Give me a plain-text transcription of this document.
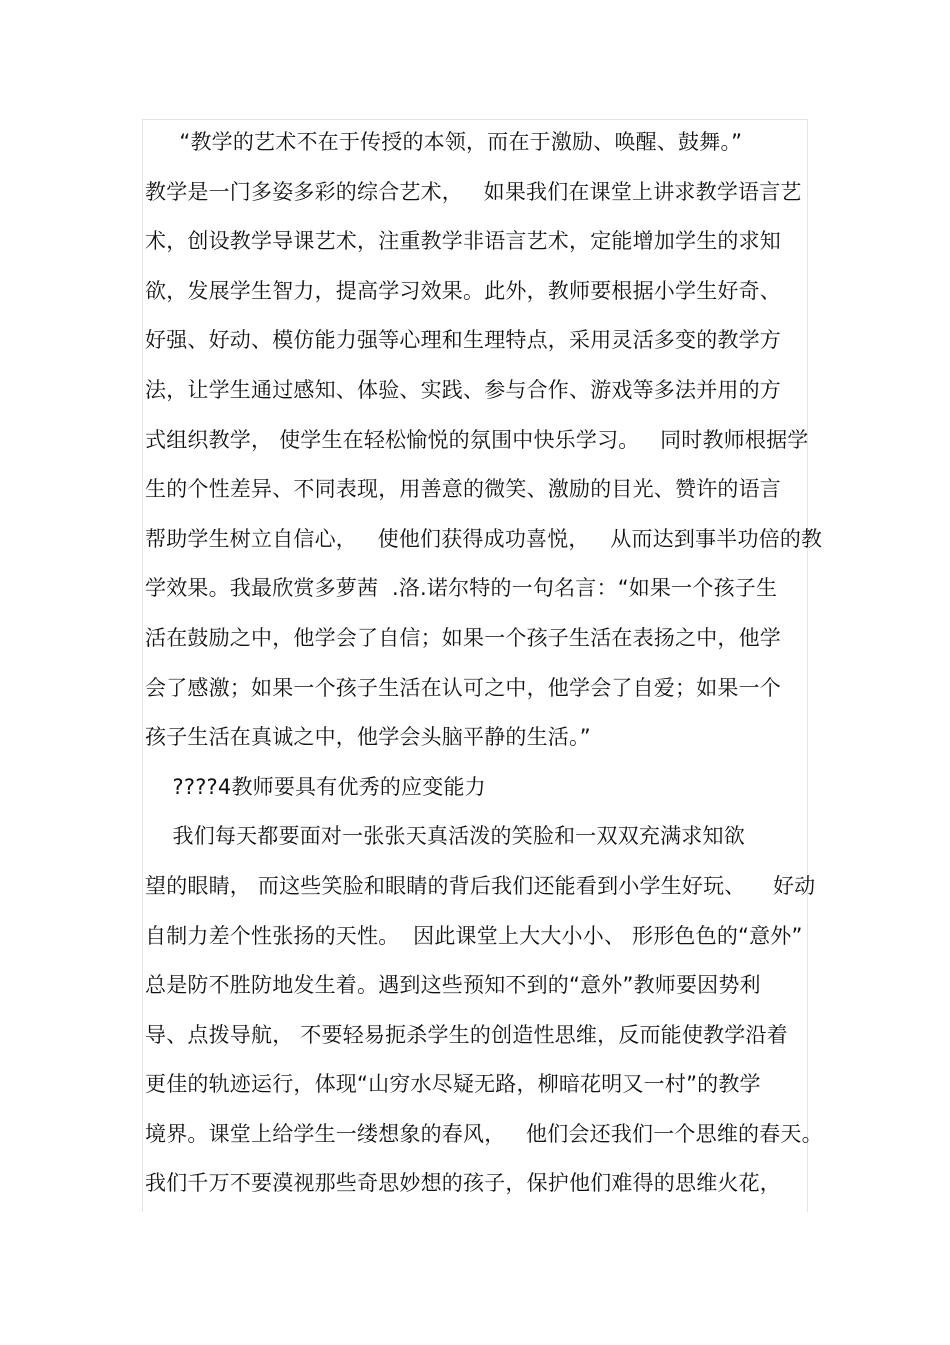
“教学的艺术不在于传授的本领，而在于激励、唤醒、鼓舞。”
教学是一门多姿多彩的综合艺术，   如果我们在课堂上讲求教学语言艺
术，创设教学导课艺术，注重教学非语言艺术，定能增加学生的求知
欲，发展学生智力，提高学习效果。此外，教师要根据小学生好奇、
好强、好动、模仿能力强等心理和生理特点，采用灵活多变的教学方
法，让学生通过感知、体验、实践、参与合作、游戏等多法并用的方
式组织教学， 使学生在轻松愉悦的氛围中快乐学习。   同时教师根据学
生的个性差异、不同表现，用善意的微笑、激励的目光、赞许的语言
帮助学生树立自信心，   使他们获得成功喜悦，   从而达到事半功倍的教
学效果。我最欣赏多萝茜  .洛.诺尔特的一句名言：“如果一个孩子生
活在鼓励之中，他学会了自信；如果一个孩子生活在表扬之中，他学
会了感激；如果一个孩子生活在认可之中，他学会了自爱；如果一个
孩子生活在真诚之中，他学会头脑平静的生活。”
????4教师要具有优秀的应变能力
我们每天都要面对一张张天真活泼的笑脸和一双双充满求知欲
望的眼睛， 而这些笑脸和眼睛的背后我们还能看到小学生好玩、    好动
自制力差个性张扬的天性。  因此课堂上大大小小、 形形色色的“意外”
总是防不胜防地发生着。遇到这些预知不到的“意外”教师要因势利
导、点拨导航， 不要轻易扼杀学生的创造性思维，反而能使教学沿着
更佳的轨迹运行，体现“山穷水尽疑无路，柳暗花明又一村”的教学
境界。课堂上给学生一缕想象的春风，   他们会还我们一个思维的春天。
我们千万不要漠视那些奇思妙想的孩子，保护他们难得的思维火花，
